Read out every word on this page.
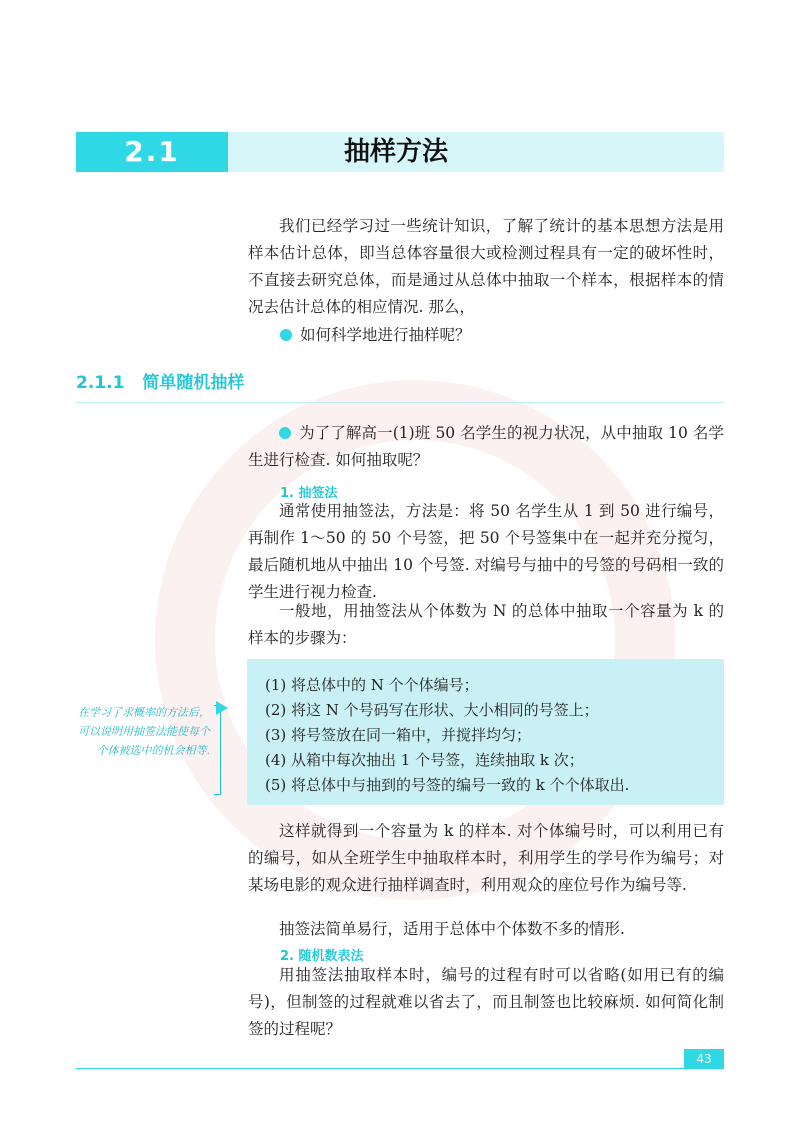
2.1	抽样方法
我们已经学习过一些统计知识，了解了统计的基本思想方法是用样本估计总体，即当总体容量很大或检测过程具有一定的破坏性时，不直接去研究总体，而是通过从总体中抽取一个样本，根据样本的情况去估计总体的相应情况. 那么，
如何科学地进行抽样呢？
2.1.1 简单随机抽样
为了了解高一(1)班 50 名学生的视力状况，从中抽取 10 名学生进行检查. 如何抽取呢？
1. 抽签法
通常使用抽签法，方法是：将 50 名学生从 1 到 50 进行编号，再制作 1～50 的 50 个号签，把 50 个号签集中在一起并充分搅匀，最后随机地从中抽出 10 个号签. 对编号与抽中的号签的号码相一致的学生进行视力检查.
一般地，用抽签法从个体数为 N 的总体中抽取一个容量为 k 的样本的步骤为：
(1) 将总体中的 N 个个体编号；
(2) 将这 N 个号码写在形状、大小相同的号签上；
(3) 将号签放在同一箱中，并搅拌均匀；
(4) 从箱中每次抽出 1 个号签，连续抽取 k 次；
(5) 将总体中与抽到的号签的编号一致的 k 个个体取出.
在学习了求概率的方法后，可以说明用抽签法能使每个个体被选中的机会相等.
这样就得到一个容量为 k 的样本. 对个体编号时，可以利用已有的编号，如从全班学生中抽取样本时，利用学生的学号作为编号；对某场电影的观众进行抽样调查时，利用观众的座位号作为编号等.
抽签法简单易行，适用于总体中个体数不多的情形.
2. 随机数表法
用抽签法抽取样本时，编号的过程有时可以省略(如用已有的编号)，但制签的过程就难以省去了，而且制签也比较麻烦. 如何简化制签的过程呢？
43
